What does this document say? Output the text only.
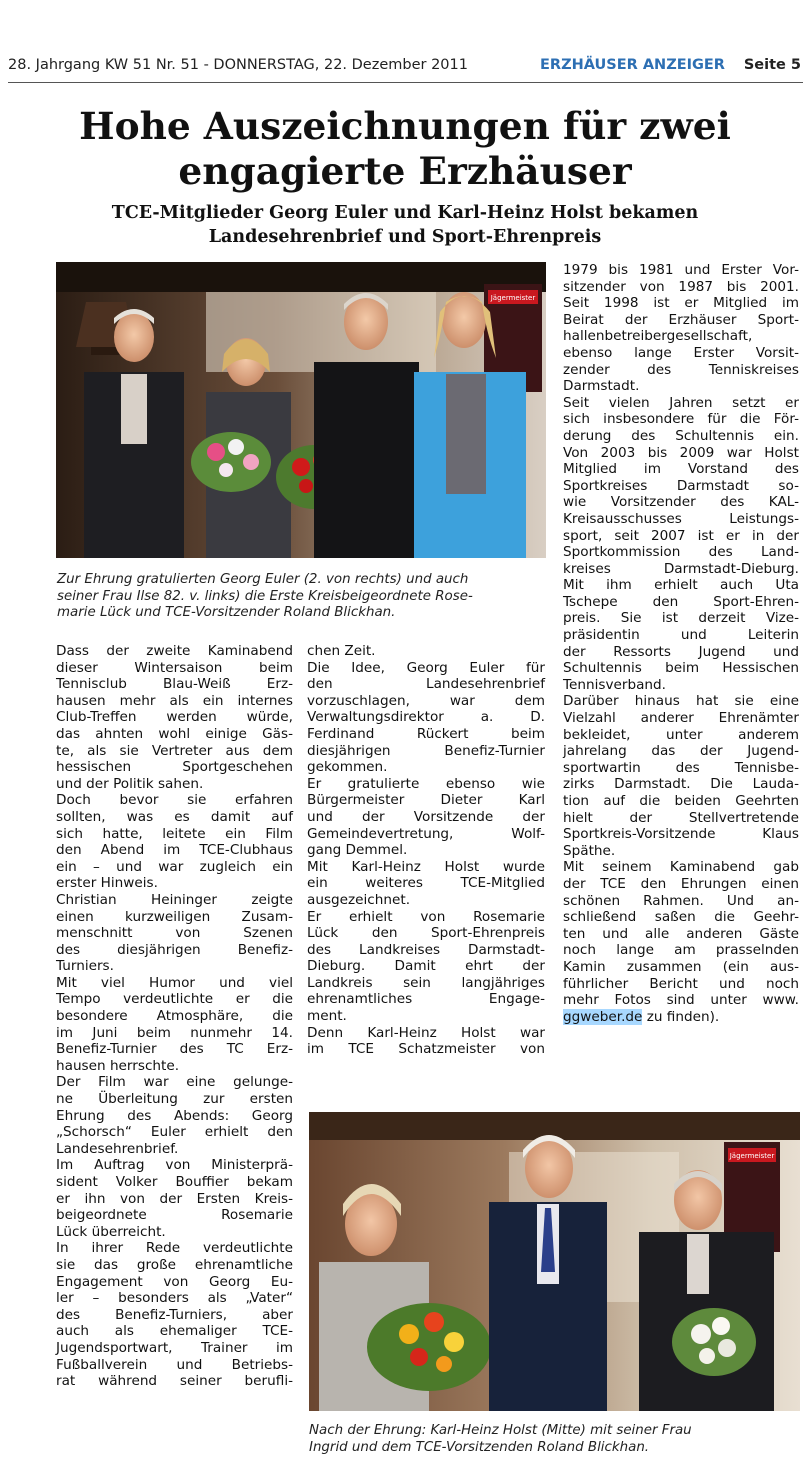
28. Jahrgang KW 51 Nr. 51 - DONNERSTAG, 22. Dezember 2011	ERZHÄUSER ANZEIGER Seite 5
Hohe Auszeichnungen für zwei
engagierte Erzhäuser
TCE-Mitglieder Georg Euler und Karl-Heinz Holst bekamen
Landesehrenbrief und Sport-Ehrenpreis
Jägermeister
Zur Ehrung gratulierten Georg Euler (2. von rechts) und auch
seiner Frau Ilse 82. v. links) die Erste Kreisbeigeordnete Rose-
marie Lück und TCE-Vorsitzender Roland Blickhan.
Dass der zweite Kaminabend
dieser Wintersaison beim
Tennisclub Blau-Weiß Erz-
hausen mehr als ein internes
Club-Treffen werden würde,
das ahnten wohl einige Gäs-
te, als sie Vertreter aus dem
hessischen Sportgeschehen
und der Politik sahen.
Doch bevor sie erfahren
sollten, was es damit auf
sich hatte, leitete ein Film
den Abend im TCE-Clubhaus
ein – und war zugleich ein
erster Hinweis.
Christian Heininger zeigte
einen kurzweiligen Zusam-
menschnitt von Szenen
des diesjährigen Benefiz-
Turniers.
Mit viel Humor und viel
Tempo verdeutlichte er die
besondere Atmosphäre, die
im Juni beim nunmehr 14.
Benefiz-Turnier des TC Erz-
hausen herrschte.
Der Film war eine gelunge-
ne Überleitung zur ersten
Ehrung des Abends: Georg
„Schorsch“ Euler erhielt den
Landesehrenbrief.
Im Auftrag von Ministerprä-
sident Volker Bouffier bekam
er ihn von der Ersten Kreis-
beigeordnete Rosemarie
Lück überreicht.
In ihrer Rede verdeutlichte
sie das große ehrenamtliche
Engagement von Georg Eu-
ler – besonders als „Vater“
des Benefiz-Turniers, aber
auch als ehemaliger TCE-
Jugendsportwart, Trainer im
Fußballverein und Betriebs-
rat während seiner berufli-
chen Zeit.
Die Idee, Georg Euler für
den Landesehrenbrief
vorzuschlagen, war dem
Verwaltungsdirektor a. D.
Ferdinand Rückert beim
diesjährigen Benefiz-Turnier
gekommen.
Er gratulierte ebenso wie
Bürgermeister Dieter Karl
und der Vorsitzende der
Gemeindevertretung, Wolf-
gang Demmel.
Mit Karl-Heinz Holst wurde
ein weiteres TCE-Mitglied
ausgezeichnet.
Er erhielt von Rosemarie
Lück den Sport-Ehrenpreis
des Landkreises Darmstadt-
Dieburg. Damit ehrt der
Landkreis sein langjähriges
ehrenamtliches Engage-
ment.
Denn Karl-Heinz Holst war
im TCE Schatzmeister von
1979 bis 1981 und Erster Vor-
sitzender von 1987 bis 2001.
Seit 1998 ist er Mitglied im
Beirat der Erzhäuser Sport-
hallenbetreibergesellschaft,
ebenso lange Erster Vorsit-
zender des Tenniskreises
Darmstadt.
Seit vielen Jahren setzt er
sich insbesondere für die För-
derung des Schultennis ein.
Von 2003 bis 2009 war Holst
Mitglied im Vorstand des
Sportkreises Darmstadt so-
wie Vorsitzender des KAL-
Kreisausschusses Leistungs-
sport, seit 2007 ist er in der
Sportkommission des Land-
kreises Darmstadt-Dieburg.
Mit ihm erhielt auch Uta
Tschepe den Sport-Ehren-
preis. Sie ist derzeit Vize-
präsidentin und Leiterin
der Ressorts Jugend und
Schultennis beim Hessischen
Tennisverband.
Darüber hinaus hat sie eine
Vielzahl anderer Ehrenämter
bekleidet, unter anderem
jahrelang das der Jugend-
sportwartin des Tennisbe-
zirks Darmstadt. Die Lauda-
tion auf die beiden Geehrten
hielt der Stellvertretende
Sportkreis-Vorsitzende Klaus
Späthe.
Mit seinem Kaminabend gab
der TCE den Ehrungen einen
schönen Rahmen. Und an-
schließend saßen die Geehr-
ten und alle anderen Gäste
noch lange am prasselnden
Kamin zusammen (ein aus-
führlicher Bericht und noch
mehr Fotos sind unter www.
ggweber.de zu finden).
Jägermeister
Nach der Ehrung: Karl-Heinz Holst (Mitte) mit seiner Frau
Ingrid und dem TCE-Vorsitzenden Roland Blickhan.
